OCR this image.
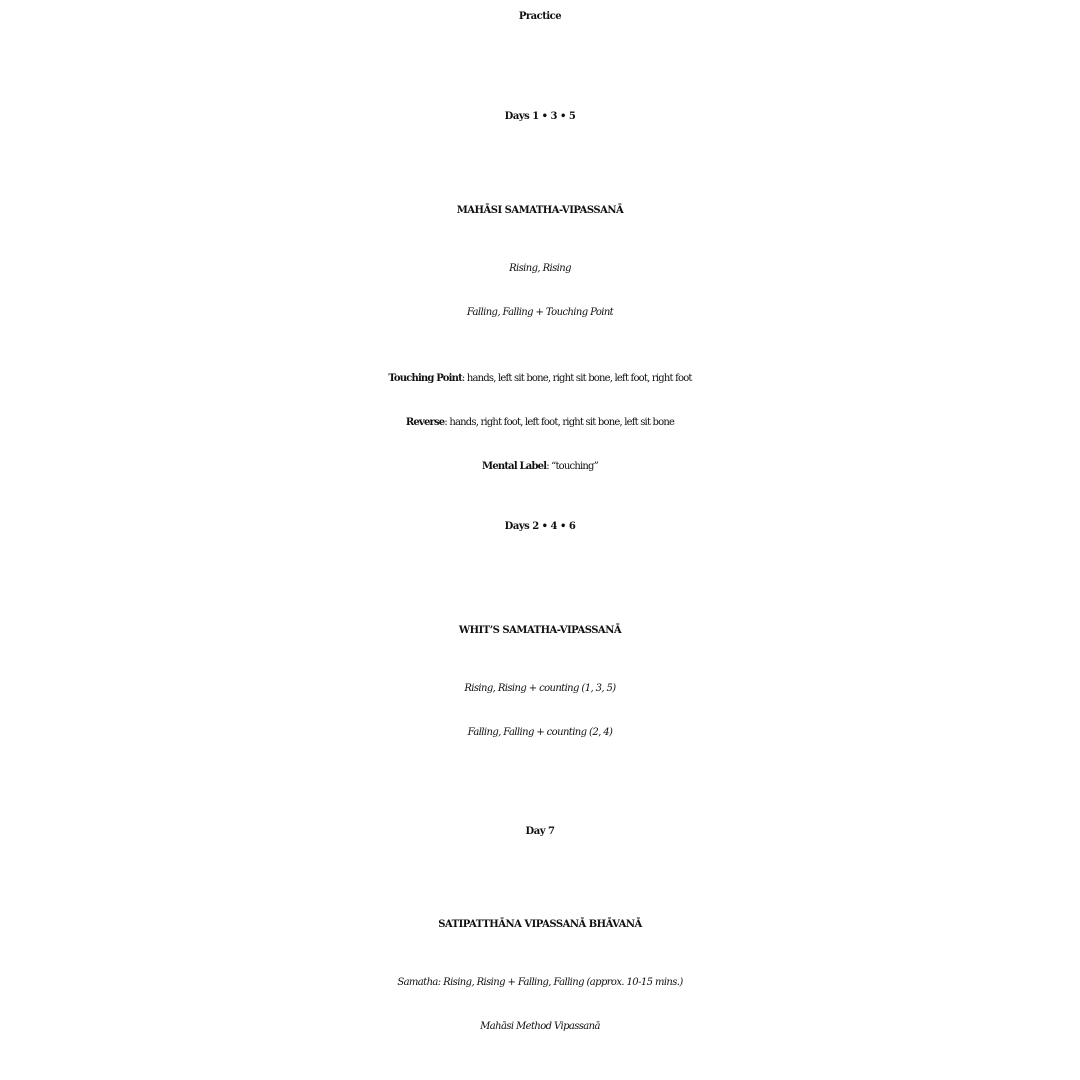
Practice
Days 1 • 3 • 5
MAHĀSI SAMATHA-VIPASSANĀ
Rising, Rising
Falling, Falling + Touching Point
Touching Point: hands, left sit bone, right sit bone, left foot, right foot
Reverse: hands, right foot, left foot, right sit bone, left sit bone
Mental Label: “touching”
Days 2 • 4 • 6
WHIT’S SAMATHA-VIPASSANĀ
Rising, Rising + counting (1, 3, 5)
Falling, Falling + counting (2, 4)
Day 7
SATIPATTHĀNA VIPASSANĀ BHĀVANĀ
Samatha: Rising, Rising + Falling, Falling (approx. 10-15 mins.)
Mahāsi Method Vipassanā
